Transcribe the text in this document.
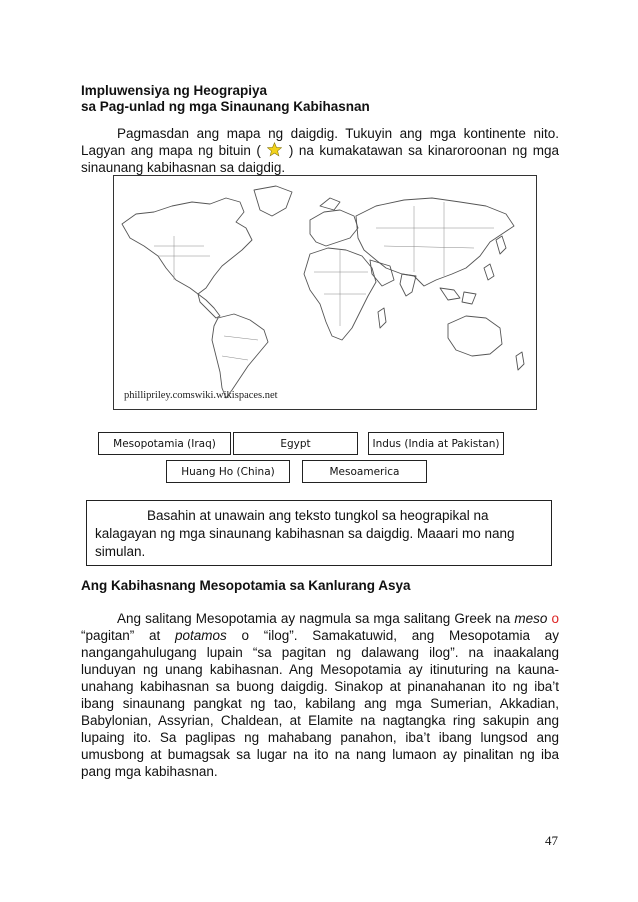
Impluwensiya ng Heograpiya
sa Pag-unlad ng mga Sinaunang Kabihasnan
Pagmasdan ang mapa ng daigdig. Tukuyin ang mga kontinente nito. Lagyan ang mapa ng bituin ( ) na kumakatawan sa kinaroroonan ng mga sinaunang kabihasnan sa daigdig.
phillipriley.comswiki.wikispaces.net
Mesopotamia (Iraq)	Egypt	Indus (India at Pakistan)
Huang Ho (China)	Mesoamerica
Basahin at unawain ang teksto tungkol sa heograpikal na kalagayan ng mga sinaunang kabihasnan sa daigdig. Maaari mo nang simulan.
Ang Kabihasnang Mesopotamia sa Kanlurang Asya
Ang salitang Mesopotamia ay nagmula sa mga salitang Greek na meso o “pagitan” at potamos o “ilog”. Samakatuwid, ang Mesopotamia ay nangangahulugang lupain “sa pagitan ng dalawang ilog”. na inaakalang lunduyan ng unang kabihasnan. Ang Mesopotamia ay itinuturing na kauna-unahang kabihasnan sa buong daigdig. Sinakop at pinanahanan ito ng iba’t ibang sinaunang pangkat ng tao, kabilang ang mga Sumerian, Akkadian, Babylonian, Assyrian, Chaldean, at Elamite na nagtangka ring sakupin ang lupaing ito. Sa paglipas ng mahabang panahon, iba’t ibang lungsod ang umusbong at bumagsak sa lugar na ito na nang lumaon ay pinalitan ng iba pang mga kabihasnan.
47
